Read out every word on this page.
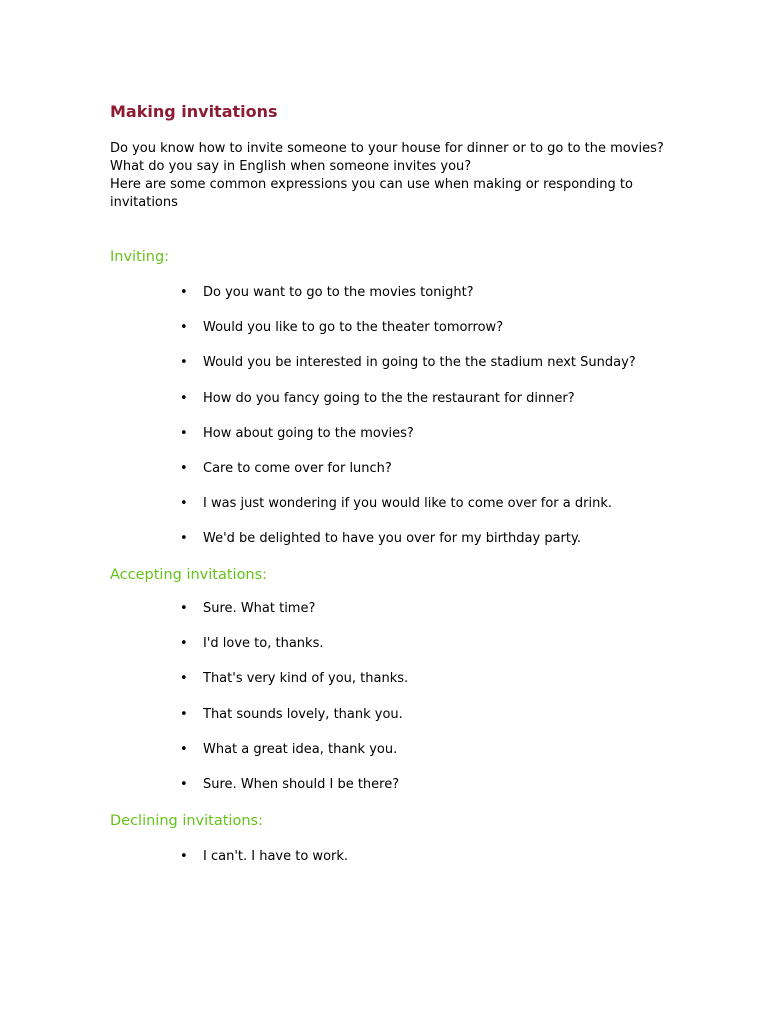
Making invitations

Do you know how to invite someone to your house for dinner or to go to the movies?

What do you say in English when someone invites you?

Here are some common expressions you can use when making or responding to invitations

Inviting:
• Do you want to go to the movies tonight?
• Would you like to go to the theater tomorrow?
• Would you be interested in going to the the stadium next Sunday?
• How do you fancy going to the the restaurant for dinner?
• How about going to the movies?
• Care to come over for lunch?
• I was just wondering if you would like to come over for a drink.
• We'd be delighted to have you over for my birthday party.
Accepting invitations:
• Sure. What time?
• I'd love to, thanks.
• That's very kind of you, thanks.
• That sounds lovely, thank you.
• What a great idea, thank you.
• Sure. When should I be there?
Declining invitations:
• I can't. I have to work.
